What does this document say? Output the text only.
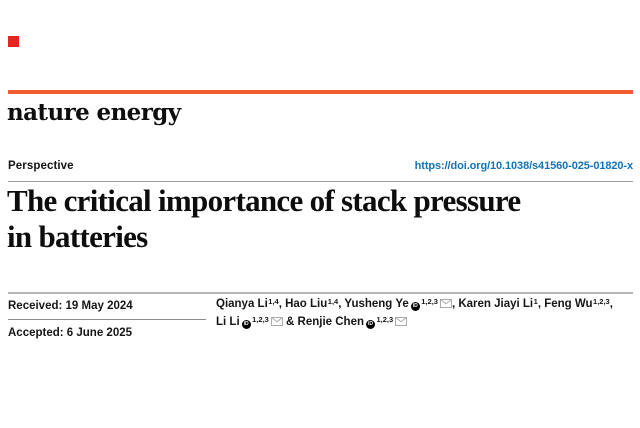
nature energy
Perspective	https://doi.org/10.1038/s41560-025-01820-x
The critical importance of stack pressure
in batteries
Received: 19 May 2024
Accepted: 6 June 2025
Qianya Li$^{1,4}$, Hao Liu$^{1,4}$, Yusheng Ye iD $^{1,2,3}$ , Karen Jiayi Li$^1$, Feng Wu$^{1,2,3}$,
Li Li iD $^{1,2,3}$ & Renjie Chen iD $^{1,2,3}$
